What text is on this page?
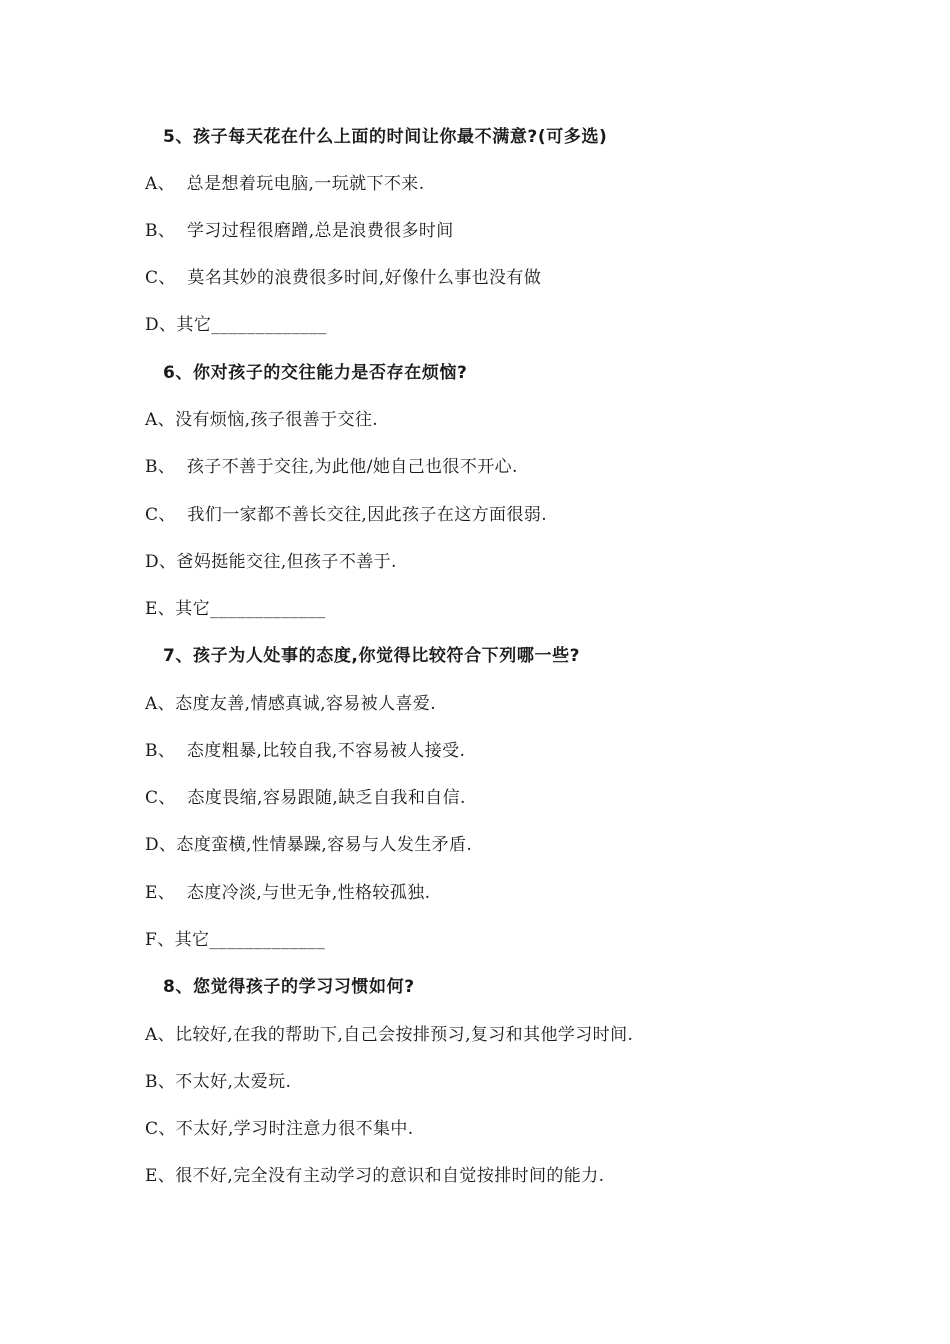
5、孩子每天花在什么上面的时间让你最不满意?(可多选)
A、  总是想着玩电脑,一玩就下不来.
B、  学习过程很磨蹭,总是浪费很多时间
C、  莫名其妙的浪费很多时间,好像什么事也没有做
D、其它_____________
6、你对孩子的交往能力是否存在烦恼?
A、没有烦恼,孩子很善于交往.
B、  孩子不善于交往,为此他/她自己也很不开心.
C、  我们一家都不善长交往,因此孩子在这方面很弱.
D、爸妈挺能交往,但孩子不善于.
E、其它_____________
7、孩子为人处事的态度,你觉得比较符合下列哪一些?
A、态度友善,情感真诚,容易被人喜爱.
B、  态度粗暴,比较自我,不容易被人接受.
C、  态度畏缩,容易跟随,缺乏自我和自信.
D、态度蛮横,性情暴躁,容易与人发生矛盾.
E、  态度冷淡,与世无争,性格较孤独.
F、其它_____________
8、您觉得孩子的学习习惯如何?
A、比较好,在我的帮助下,自己会按排预习,复习和其他学习时间.
B、不太好,太爱玩.
C、不太好,学习时注意力很不集中.
E、很不好,完全没有主动学习的意识和自觉按排时间的能力.
